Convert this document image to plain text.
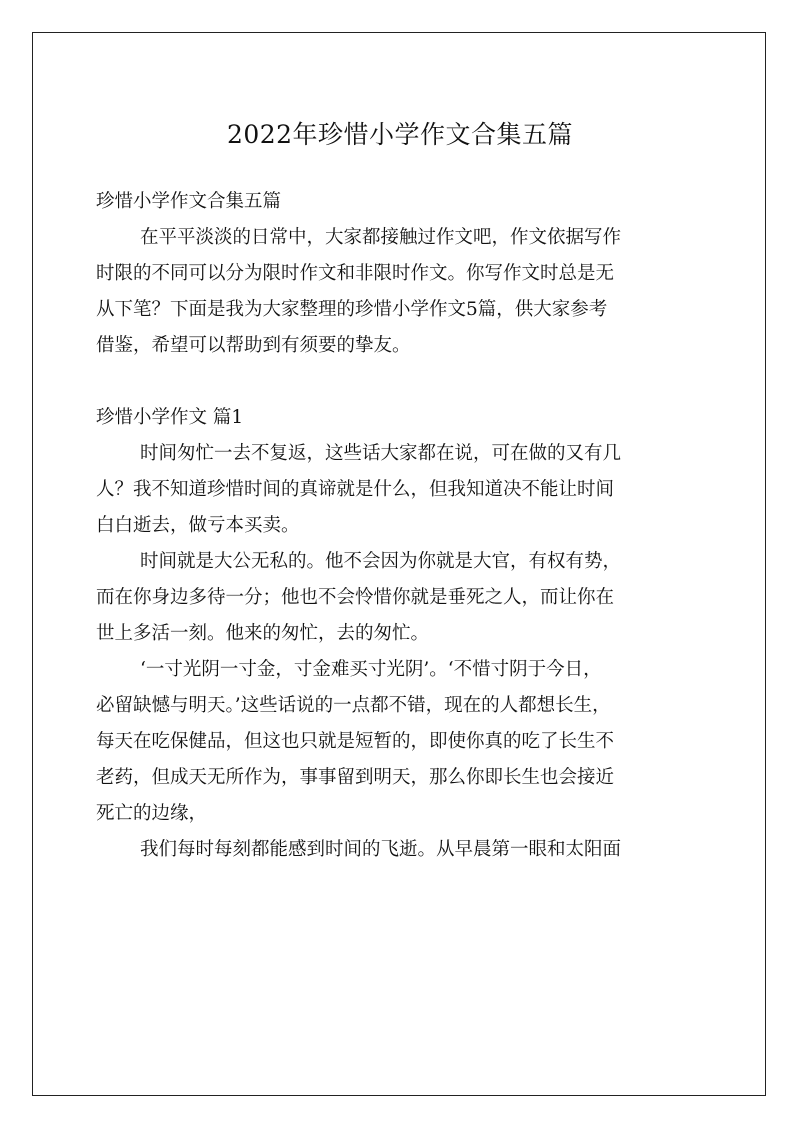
2022年珍惜小学作文合集五篇
珍惜小学作文合集五篇
在平平淡淡的日常中，大家都接触过作文吧，作文依据写作
时限的不同可以分为限时作文和非限时作文。你写作文时总是无
从下笔？下面是我为大家整理的珍惜小学作文5篇，供大家参考
借鉴，希望可以帮助到有须要的挚友。
珍惜小学作文 篇1
时间匆忙一去不复返，这些话大家都在说，可在做的又有几
人？我不知道珍惜时间的真谛就是什么，但我知道决不能让时间
白白逝去，做亏本买卖。
时间就是大公无私的。他不会因为你就是大官，有权有势，
而在你身边多待一分；他也不会怜惜你就是垂死之人，而让你在
世上多活一刻。他来的匆忙，去的匆忙。
‘一寸光阴一寸金，寸金难买寸光阴’。‘不惜寸阴于今日，
必留缺憾与明天。’这些话说的一点都不错，现在的人都想长生，
每天在吃保健品，但这也只就是短暂的，即使你真的吃了长生不
老药，但成天无所作为，事事留到明天，那么你即长生也会接近
死亡的边缘，
我们每时每刻都能感到时间的飞逝。从早晨第一眼和太阳面
